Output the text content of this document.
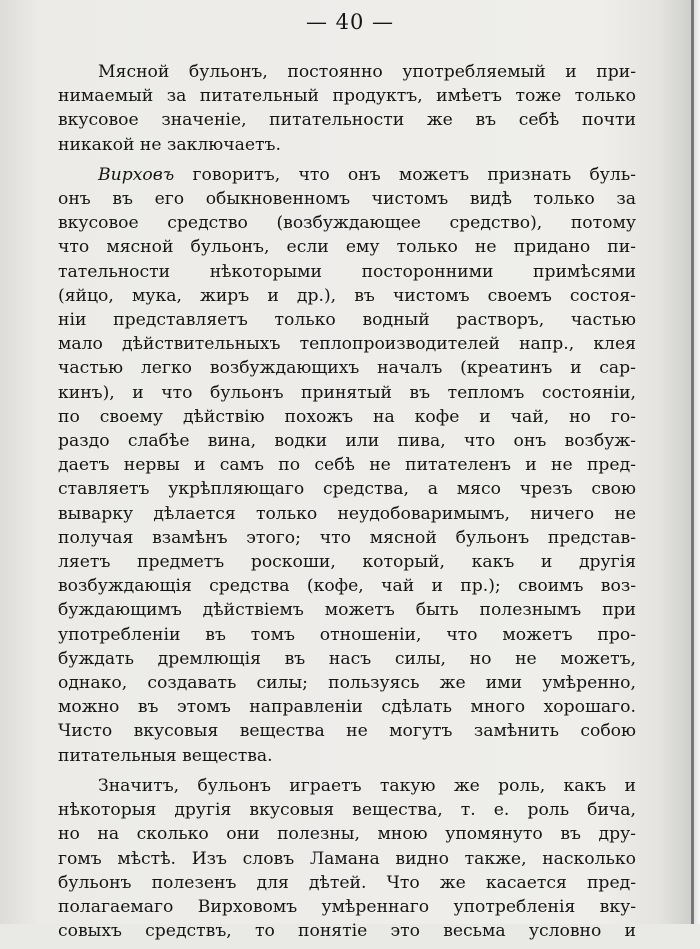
— 40 —
Мясной бульонъ, постоянно употребляемый и при-
нимаемый за питательный продуктъ, имѣетъ тоже только
вкусовое значеніе, питательности же въ себѣ почти
никакой не заключаетъ.
Вирховъ говоритъ, что онъ можетъ признать буль-
онъ въ его обыкновенномъ чистомъ видѣ только за
вкусовое средство (возбуждающее средство), потому
что мясной бульонъ, если ему только не придано пи-
тательности нѣкоторыми посторонними примѣсями
(яйцо, мука, жиръ и др.), въ чистомъ своемъ состоя-
ніи представляетъ только водный растворъ, частью
мало дѣйствительныхъ теплопроизводителей напр., клея
частью легко возбуждающихъ началъ (креатинъ и сар-
кинъ), и что бульонъ принятый въ тепломъ состояніи,
по своему дѣйствію похожъ на кофе и чай, но го-
раздо слабѣе вина, водки или пива, что онъ возбуж-
даетъ нервы и самъ по себѣ не питателенъ и не пред-
ставляетъ укрѣпляющаго средства, а мясо чрезъ свою
выварку дѣлается только неудобоваримымъ, ничего не
получая взамѣнъ этого; что мясной бульонъ представ-
ляетъ предметъ роскоши, который, какъ и другія
возбуждающія средства (кофе, чай и пр.); своимъ воз-
буждающимъ дѣйствіемъ можетъ быть полезнымъ при
употребленіи въ томъ отношеніи, что можетъ про-
буждать дремлющія въ насъ силы, но не можетъ,
однако, создавать силы; пользуясь же ими умѣренно,
можно въ этомъ направленіи сдѣлать много хорошаго.
Чисто вкусовыя вещества не могутъ замѣнить собою
питательныя вещества.
Значитъ, бульонъ играетъ такую же роль, какъ и
нѣкоторыя другія вкусовыя вещества, т. е. роль бича,
но на сколько они полезны, мною упомянуто въ дру-
гомъ мѣстѣ. Изъ словъ Ламана видно также, насколько
бульонъ полезенъ для дѣтей. Что же касается пред-
полагаемаго Вирховомъ умѣреннаго употребленія вку-
совыхъ средствъ, то понятіе это весьма условно и
